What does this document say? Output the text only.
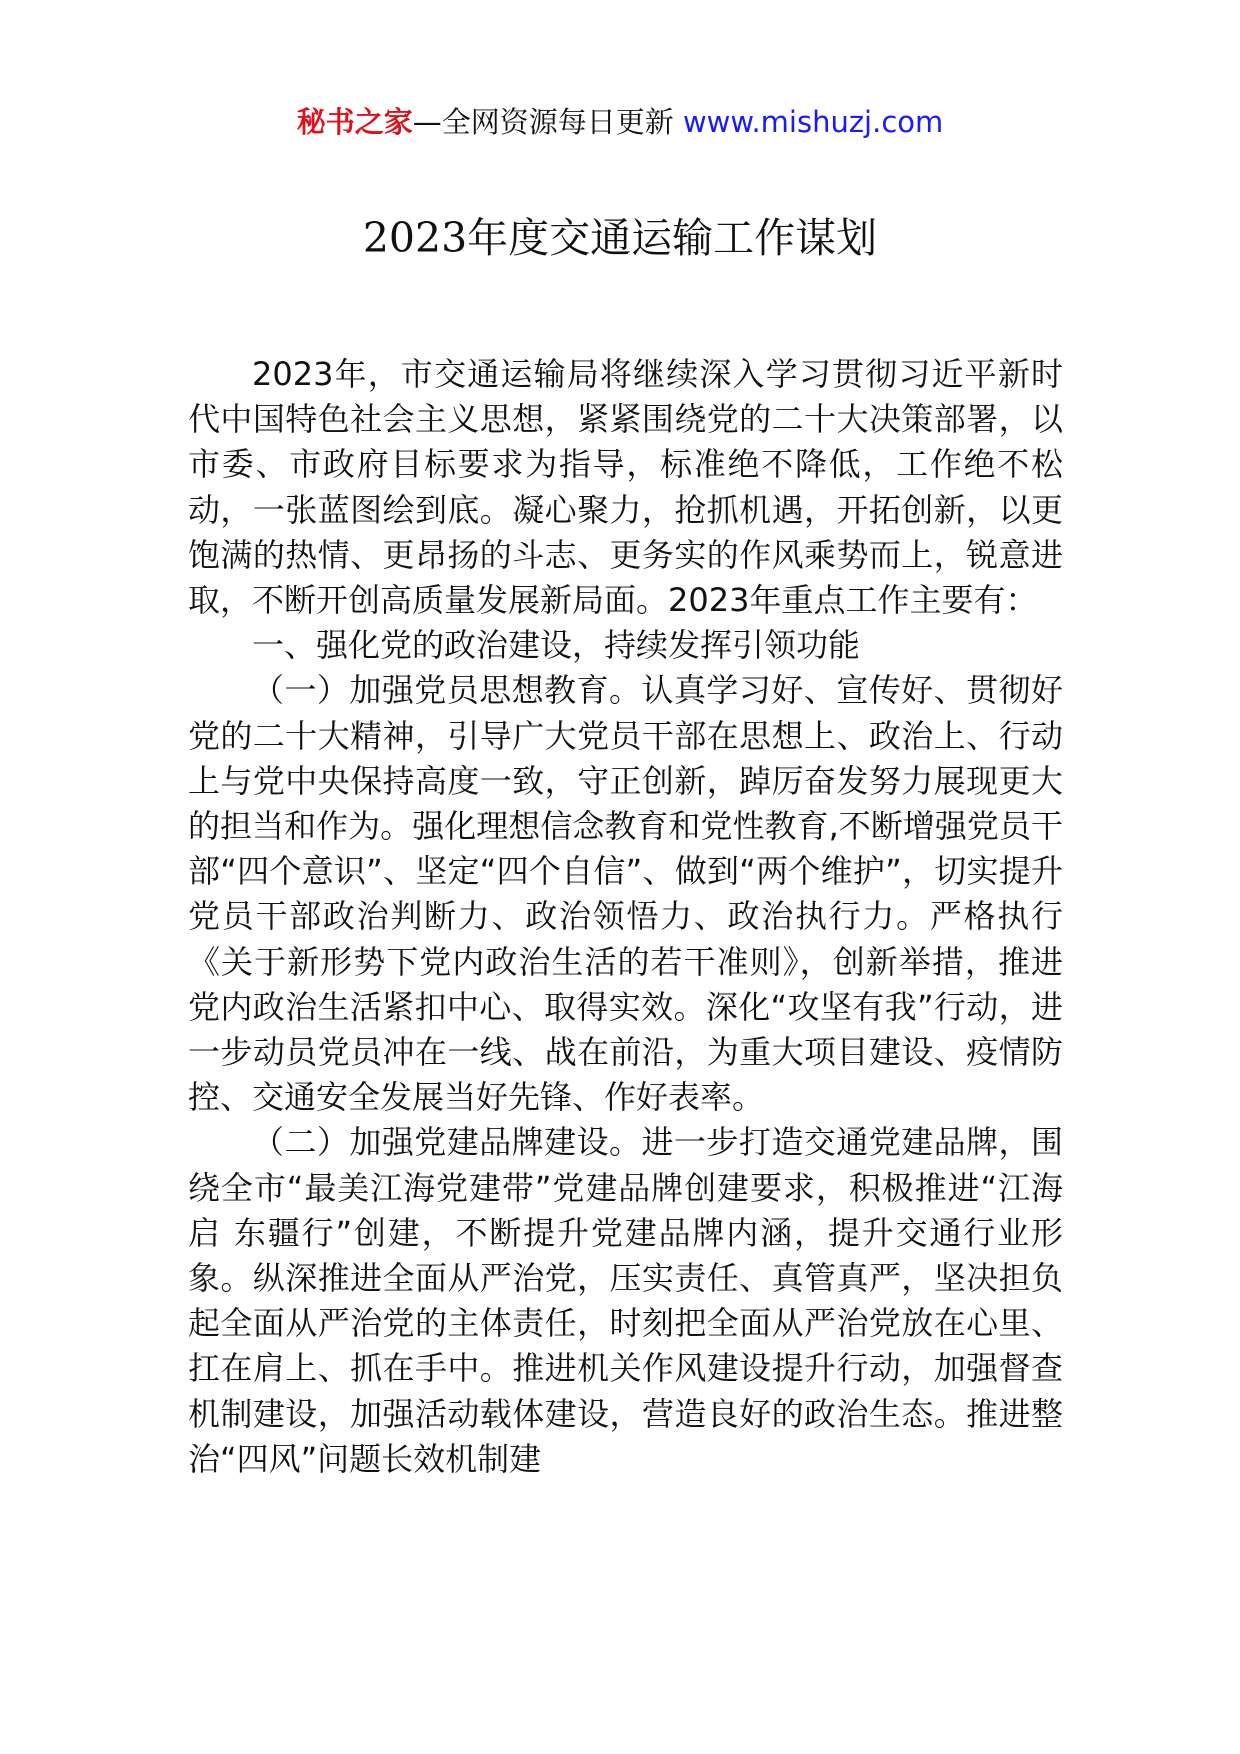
秘书之家—全网资源每日更新 www.mishuzj.com
2023年度交通运输工作谋划

2023年，市交通运输局将继续深入学习贯彻习近平新时代中国特色社会主义思想，紧紧围绕党的二十大决策部署，以市委、市政府目标要求为指导，标准绝不降低，工作绝不松动，一张蓝图绘到底。凝心聚力，抢抓机遇，开拓创新，以更饱满的热情、更昂扬的斗志、更务实的作风乘势而上，锐意进取，不断开创高质量发展新局面。2023年重点工作主要有：

一、强化党的政治建设，持续发挥引领功能

（一）加强党员思想教育。认真学习好、宣传好、贯彻好党的二十大精神，引导广大党员干部在思想上、政治上、行动上与党中央保持高度一致，守正创新，踔厉奋发努力展现更大的担当和作为。强化理想信念教育和党性教育,不断增强党员干部“四个意识”、坚定“四个自信”、做到“两个维护”，切实提升党员干部政治判断力、政治领悟力、政治执行力。严格执行《关于新形势下党内政治生活的若干准则》，创新举措，推进党内政治生活紧扣中心、取得实效。深化“攻坚有我”行动，进一步动员党员冲在一线、战在前沿，为重大项目建设、疫情防控、交通安全发展当好先锋、作好表率。

（二）加强党建品牌建设。进一步打造交通党建品牌，围绕全市“最美江海党建带”党建品牌创建要求，积极推进“江海启 东疆行”创建，不断提升党建品牌内涵，提升交通行业形象。纵深推进全面从严治党，压实责任、真管真严，坚决担负起全面从严治党的主体责任，时刻把全面从严治党放在心里、扛在肩上、抓在手中。推进机关作风建设提升行动，加强督查机制建设，加强活动载体建设，营造良好的政治生态。推进整治“四风”问题长效机制建
